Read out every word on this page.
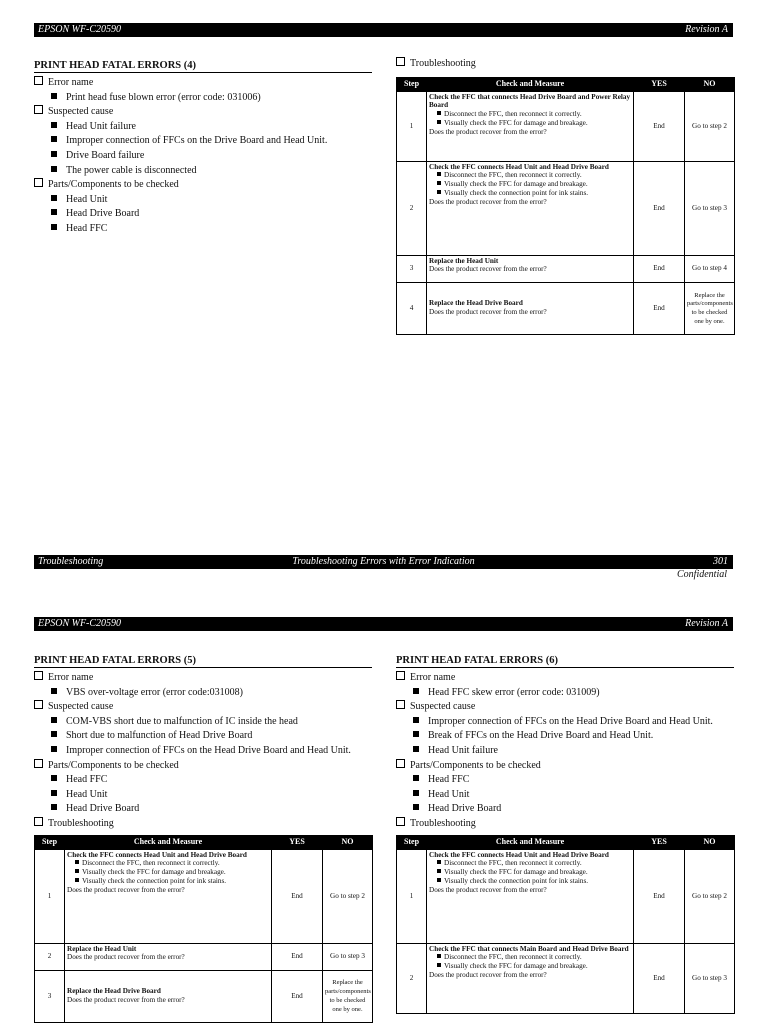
EPSON WF-C20590	Revision A
PRINT HEAD FATAL ERRORS (4)
Error name
Print head fuse blown error (error code: 031006)
Suspected cause
Head Unit failure
Improper connection of FFCs on the Drive Board and Head Unit.
Drive Board failure
The power cable is disconnected
Parts/Components to be checked
Head Unit
Head Drive Board
Head FFC
Troubleshooting
Step	Check and Measure	YES	NO
1	Check the FFC that connects Head Drive Board and Power Relay Board
Disconnect the FFC, then reconnect it correctly.
Visually check the FFC for damage and breakage.
Does the product recover from the error?	End	Go to step 2
2	Check the FFC connects Head Unit and Head Drive Board
Disconnect the FFC, then reconnect it correctly.
Visually check the FFC for damage and breakage.
Visually check the connection point for ink stains.
Does the product recover from the error?	End	Go to step 3
3	Replace the Head Unit
Does the product recover from the error?	End	Go to step 4
4	Replace the Head Drive Board
Does the product recover from the error?	End	Replace the parts/components to be checked one by one.
Troubleshooting	Troubleshooting Errors with Error Indication	301
Confidential
EPSON WF-C20590	Revision A
PRINT HEAD FATAL ERRORS (5)
Error name
VBS over-voltage error (error code:031008)
Suspected cause
COM-VBS short due to malfunction of IC inside the head
Short due to malfunction of Head Drive Board
Improper connection of FFCs on the Head Drive Board and Head Unit.
Parts/Components to be checked
Head FFC
Head Unit
Head Drive Board
Troubleshooting
Step	Check and Measure	YES	NO
1	Check the FFC connects Head Unit and Head Drive Board
Disconnect the FFC, then reconnect it correctly.
Visually check the FFC for damage and breakage.
Visually check the connection point for ink stains.
Does the product recover from the error?	End	Go to step 2
2	Replace the Head Unit
Does the product recover from the error?	End	Go to step 3
3	Replace the Head Drive Board
Does the product recover from the error?	End	Replace the parts/components to be checked one by one.
PRINT HEAD FATAL ERRORS (6)
Error name
Head FFC skew error (error code: 031009)
Suspected cause
Improper connection of FFCs on the Head Drive Board and Head Unit.
Break of FFCs on the Head Drive Board and Head Unit.
Head Unit failure
Parts/Components to be checked
Head FFC
Head Unit
Head Drive Board
Troubleshooting
Step	Check and Measure	YES	NO
1	Check the FFC connects Head Unit and Head Drive Board
Disconnect the FFC, then reconnect it correctly.
Visually check the FFC for damage and breakage.
Visually check the connection point for ink stains.
Does the product recover from the error?	End	Go to step 2
2	Check the FFC that connects Main Board and Head Drive Board
Disconnect the FFC, then reconnect it correctly.
Visually check the FFC for damage and breakage.
Does the product recover from the error?	End	Go to step 3
